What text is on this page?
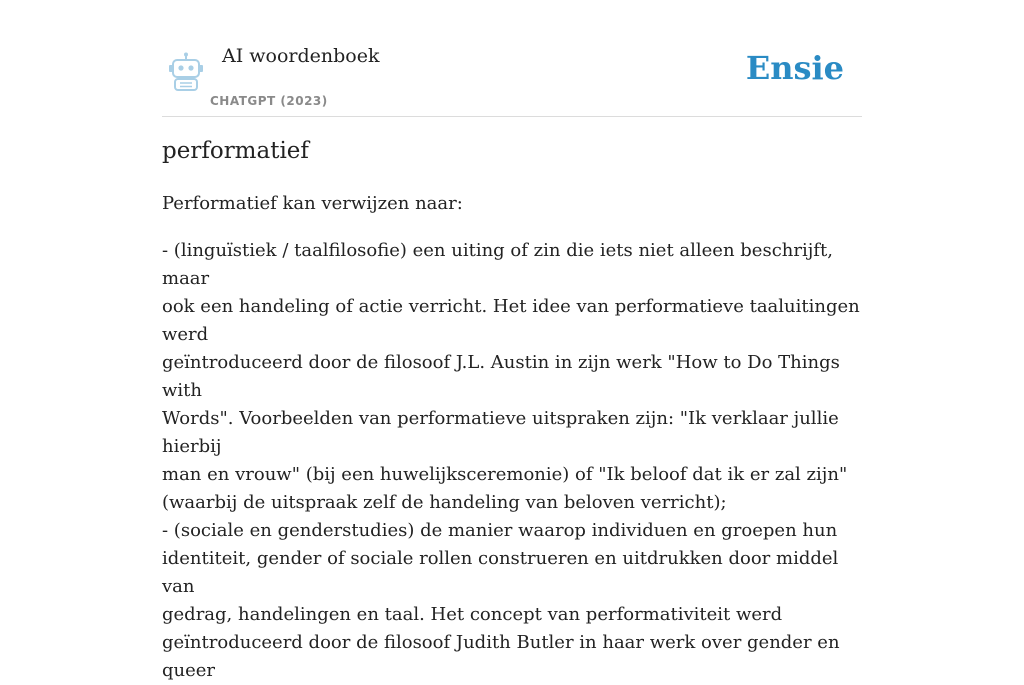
AI woordenboek
CHATGPT (2023)
Ensie
performatief

Performatief kan verwijzen naar:

- (linguïstiek / taalfilosofie) een uiting of zin die iets niet alleen beschrijft, maar
ook een handeling of actie verricht. Het idee van performatieve taaluitingen werd
geïntroduceerd door de filosoof J.L. Austin in zijn werk "How to Do Things with
Words". Voorbeelden van performatieve uitspraken zijn: "Ik verklaar jullie hierbij
man en vrouw" (bij een huwelijksceremonie) of "Ik beloof dat ik er zal zijn"
(waarbij de uitspraak zelf de handeling van beloven verricht);
- (sociale en genderstudies) de manier waarop individuen en groepen hun
identiteit, gender of sociale rollen construeren en uitdrukken door middel van
gedrag, handelingen en taal. Het concept van performativiteit werd
geïntroduceerd door de filosoof Judith Butler in haar werk over gender en queer
